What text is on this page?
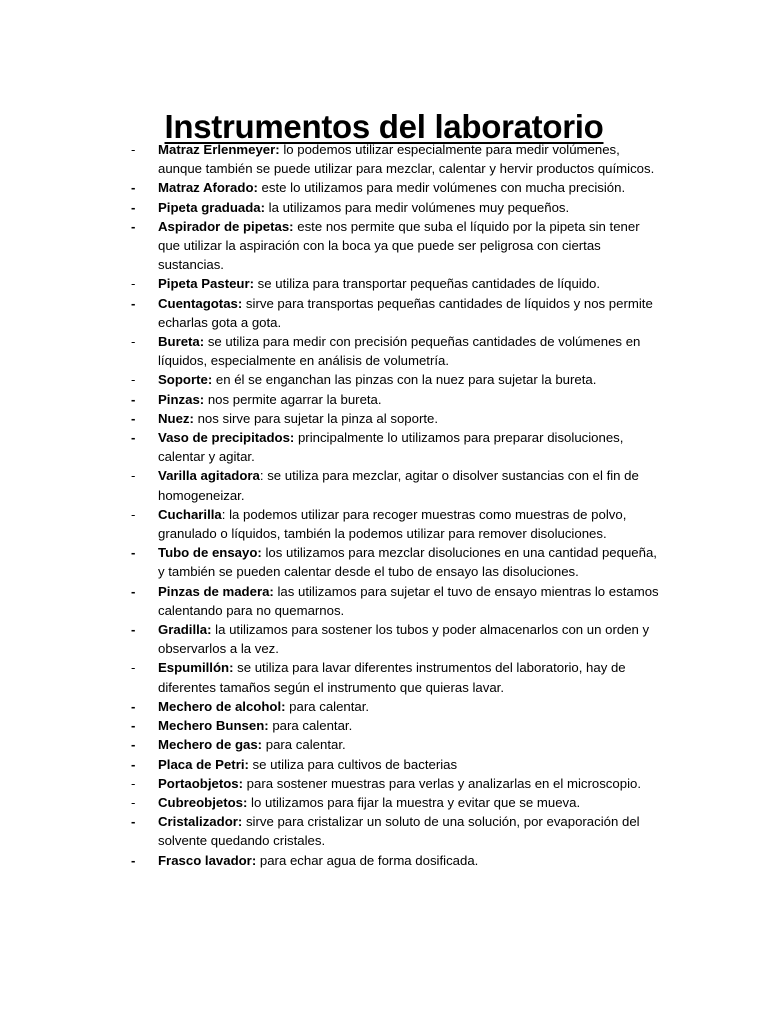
Instrumentos del laboratorio
-	Matraz Erlenmeyer: lo podemos utilizar especialmente para medir volúmenes, aunque también se puede utilizar para mezclar, calentar y hervir productos químicos.
-	Matraz Aforado: este lo utilizamos para medir volúmenes con mucha precisión.
-	Pipeta graduada: la utilizamos para medir volúmenes muy pequeños.
-	Aspirador de pipetas: este nos permite que suba el líquido por la pipeta sin tener que utilizar la aspiración con la boca ya que puede ser peligrosa con ciertas sustancias.
-	Pipeta Pasteur: se utiliza para transportar pequeñas cantidades de líquido.
-	Cuentagotas: sirve para transportas pequeñas cantidades de líquidos y nos permite echarlas gota a gota.
-	Bureta: se utiliza para medir con precisión pequeñas cantidades de volúmenes en líquidos, especialmente en análisis de volumetría.
-	Soporte: en él se enganchan las pinzas con la nuez para sujetar la bureta.
-	Pinzas: nos permite agarrar la bureta.
-	Nuez: nos sirve para sujetar la pinza al soporte.
-	Vaso de precipitados: principalmente lo utilizamos para preparar disoluciones, calentar y agitar.
-	Varilla agitadora: se utiliza para mezclar, agitar o disolver sustancias con el fin de homogeneizar.
-	Cucharilla: la podemos utilizar para recoger muestras como muestras de polvo, granulado o líquidos, también la podemos utilizar para remover disoluciones.
-	Tubo de ensayo: los utilizamos para mezclar disoluciones en una cantidad pequeña, y también se pueden calentar desde el tubo de ensayo las disoluciones.
-	Pinzas de madera: las utilizamos para sujetar el tuvo de ensayo mientras lo estamos calentando para no quemarnos.
-	Gradilla: la utilizamos para sostener los tubos y poder almacenarlos con un orden y observarlos a la vez.
-	Espumillón: se utiliza para lavar diferentes instrumentos del laboratorio, hay de diferentes tamaños según el instrumento que quieras lavar.
-	Mechero de alcohol: para calentar.
-	Mechero Bunsen: para calentar.
-	Mechero de gas: para calentar.
-	Placa de Petri: se utiliza para cultivos de bacterias
-	Portaobjetos: para sostener muestras para verlas y analizarlas en el microscopio.
-	Cubreobjetos: lo utilizamos para fijar la muestra y evitar que se mueva.
-	Cristalizador: sirve para cristalizar un soluto de una solución, por evaporación del solvente quedando cristales.
-	Frasco lavador: para echar agua de forma dosificada.
